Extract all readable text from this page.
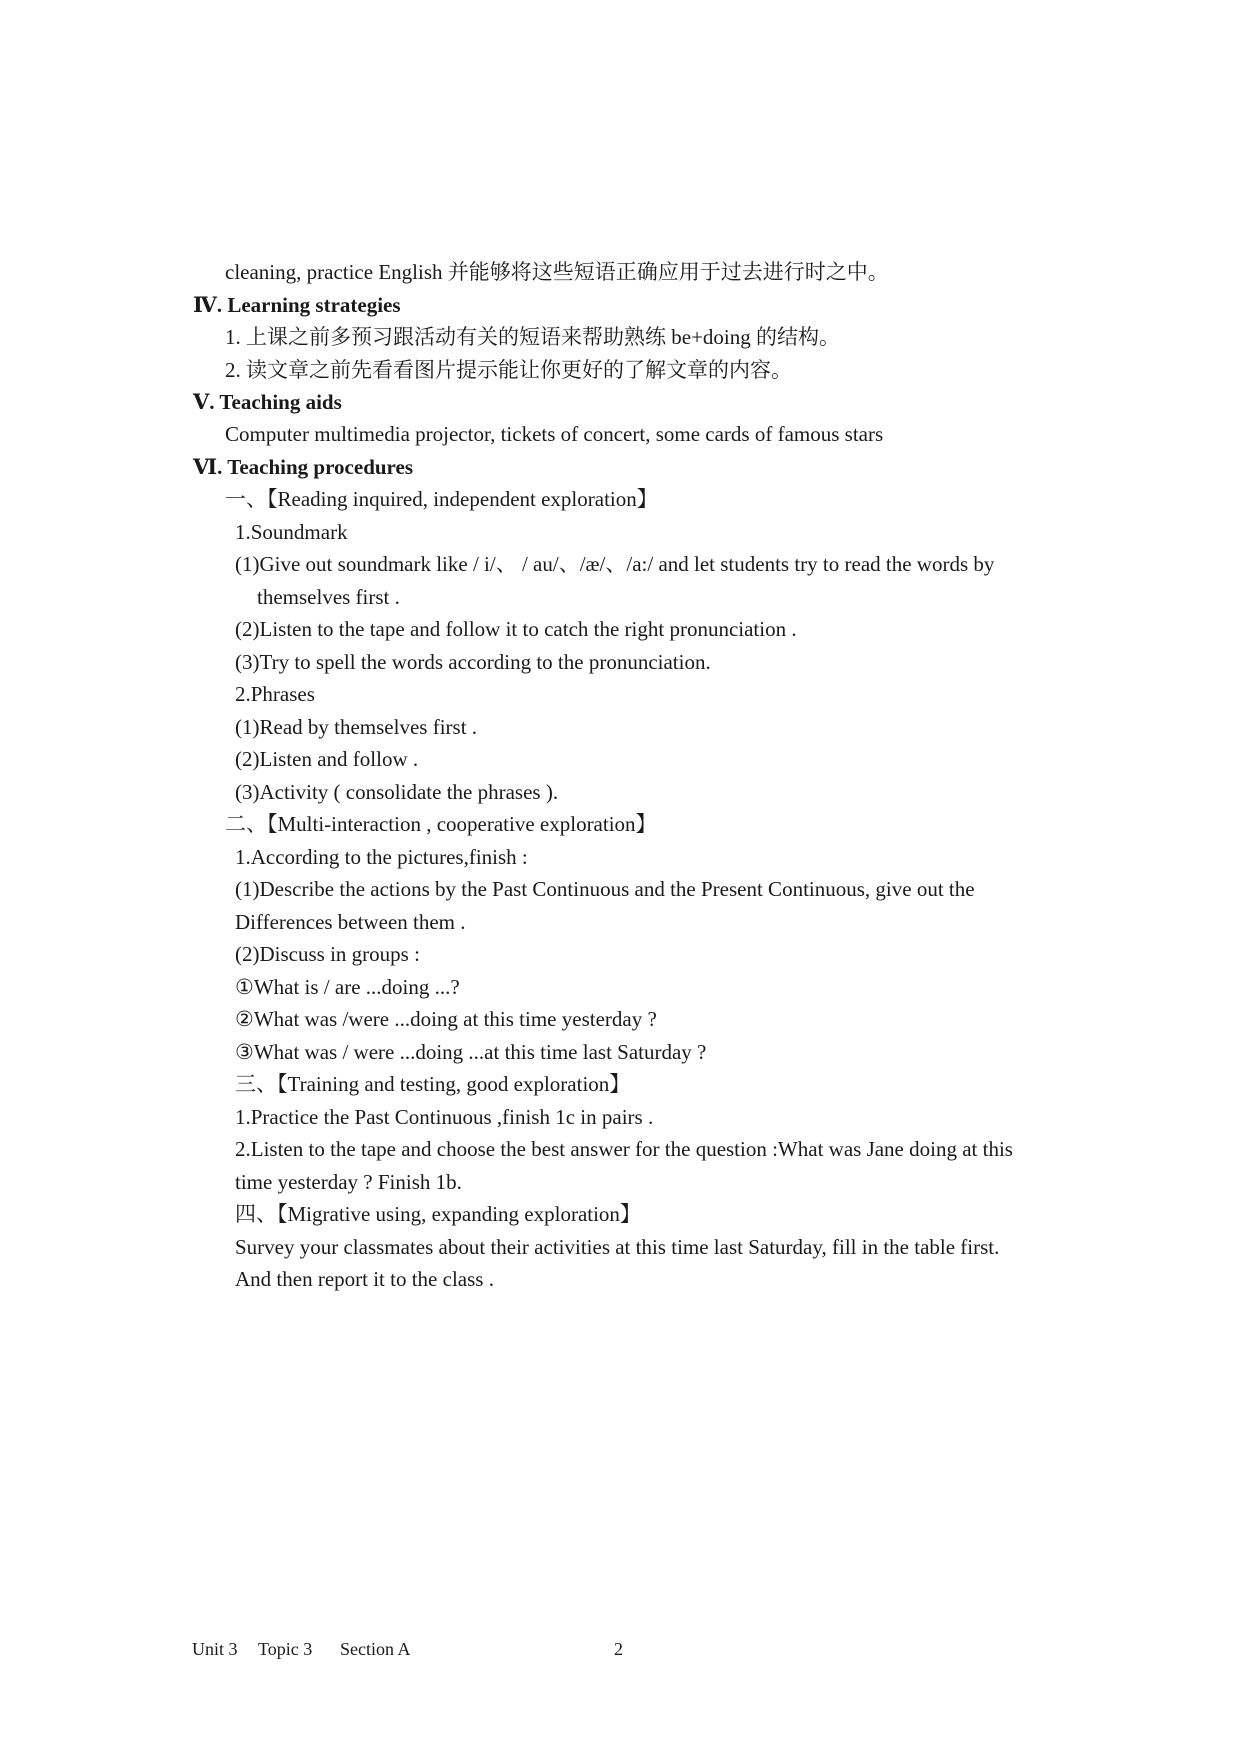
cleaning, practice English 并能够将这些短语正确应用于过去进行时之中。
Ⅳ. Learning strategies
1. 上课之前多预习跟活动有关的短语来帮助熟练 be+doing 的结构。
2. 读文章之前先看看图片提示能让你更好的了解文章的内容。
Ⅴ. Teaching aids
Computer multimedia projector, tickets of concert, some cards of famous stars
Ⅵ. Teaching procedures
一、【Reading inquired, independent exploration】
1.Soundmark
(1)Give out soundmark like / i/、 / au/、/æ/、/a:/ and let students try to read the words by
themselves first .
(2)Listen to the tape and follow it to catch the right pronunciation .
(3)Try to spell the words according to the pronunciation.
2.Phrases
(1)Read by themselves first .
(2)Listen and follow .
(3)Activity ( consolidate the phrases ).
二、【Multi-interaction , cooperative exploration】
1.According to the pictures,finish :
(1)Describe the actions by the Past Continuous and the Present Continuous, give out the
Differences between them .
(2)Discuss in groups :
①What is / are ...doing ...?
②What was /were ...doing at this time yesterday ?
③What was / were ...doing ...at this time last Saturday ?
三、【Training and testing, good exploration】
1.Practice the Past Continuous ,finish 1c in pairs .
2.Listen to the tape and choose the best answer for the question :What was Jane doing at this
time yesterday ? Finish 1b.
四、【Migrative using, expanding exploration】
Survey your classmates about their activities at this time last Saturday, fill in the table first.
And then report it to the class .
Unit 3 Topic 3 Section A	2
